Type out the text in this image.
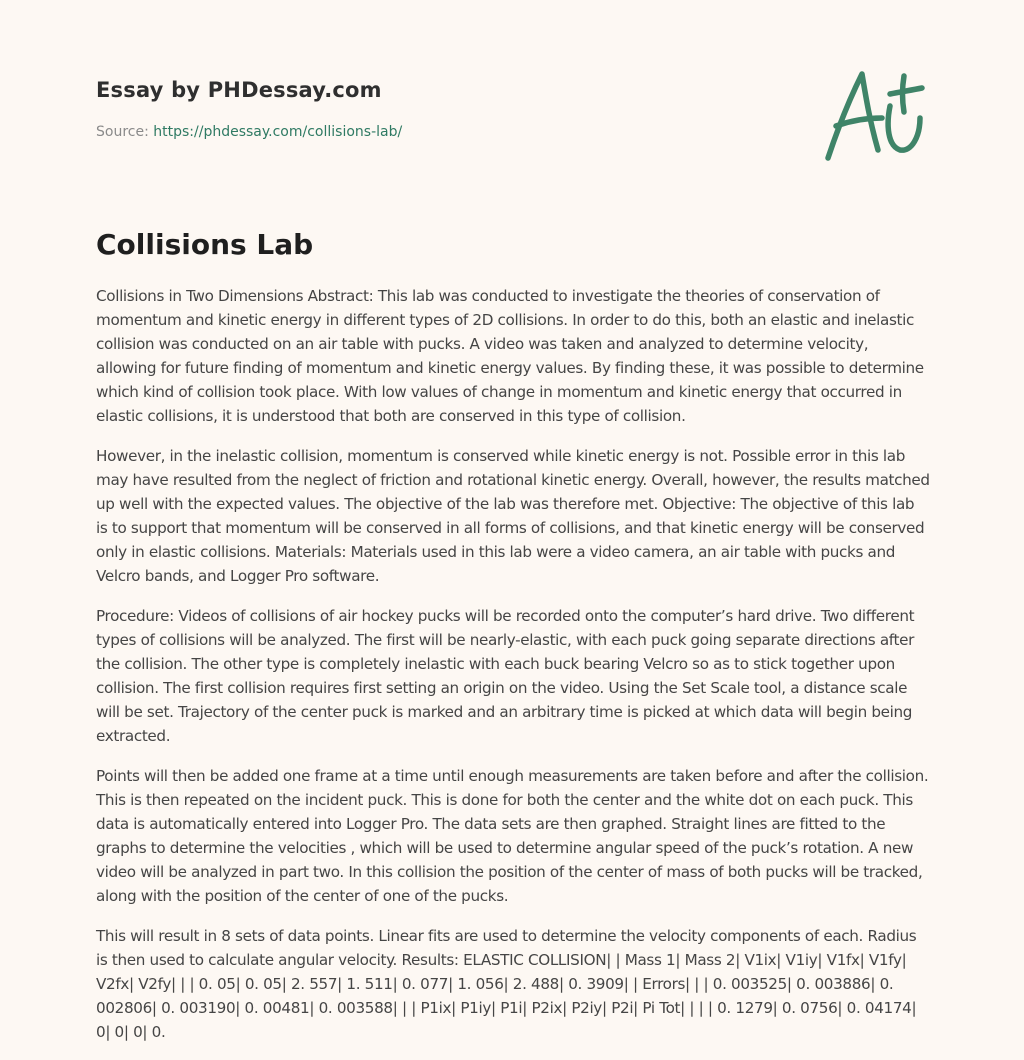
Essay by PHDessay.com
Source: https://phdessay.com/collisions-lab/
Collisions Lab

Collisions in Two Dimensions Abstract: This lab was conducted to investigate the theories of conservation of momentum and kinetic energy in different types of 2D collisions. In order to do this, both an elastic and inelastic collision was conducted on an air table with pucks. A video was taken and analyzed to determine velocity, allowing for future finding of momentum and kinetic energy values. By finding these, it was possible to determine which kind of collision took place. With low values of change in momentum and kinetic energy that occurred in elastic collisions, it is understood that both are conserved in this type of collision.

However, in the inelastic collision, momentum is conserved while kinetic energy is not. Possible error in this lab may have resulted from the neglect of friction and rotational kinetic energy. Overall, however, the results matched up well with the expected values. The objective of the lab was therefore met. Objective: The objective of this lab is to support that momentum will be conserved in all forms of collisions, and that kinetic energy will be conserved only in elastic collisions. Materials: Materials used in this lab were a video camera, an air table with pucks and Velcro bands, and Logger Pro software.

Procedure: Videos of collisions of air hockey pucks will be recorded onto the computer’s hard drive. Two different types of collisions will be analyzed. The first will be nearly-elastic, with each puck going separate directions after the collision. The other type is completely inelastic with each buck bearing Velcro so as to stick together upon collision. The first collision requires first setting an origin on the video. Using the Set Scale tool, a distance scale will be set. Trajectory of the center puck is marked and an arbitrary time is picked at which data will begin being extracted.

Points will then be added one frame at a time until enough measurements are taken before and after the collision. This is then repeated on the incident puck. This is done for both the center and the white dot on each puck. This data is automatically entered into Logger Pro. The data sets are then graphed. Straight lines are fitted to the graphs to determine the velocities , which will be used to determine angular speed of the puck’s rotation. A new video will be analyzed in part two. In this collision the position of the center of mass of both pucks will be tracked, along with the position of the center of one of the pucks.

This will result in 8 sets of data points. Linear fits are used to determine the velocity components of each. Radius is then used to calculate angular velocity. Results: ELASTIC COLLISION| | Mass 1| Mass 2| V1ix| V1iy| V1fx| V1fy| V2fx| V2fy| | | 0. 05| 0. 05| 2. 557| 1. 511| 0. 077| 1. 056| 2. 488| 0. 3909| | Errors| | | 0. 003525| 0. 003886| 0. 002806| 0. 003190| 0. 00481| 0. 003588| | | P1ix| P1iy| P1i| P2ix| P2iy| P2i| Pi Tot| | | | 0. 1279| 0. 0756| 0. 04174| 0| 0| 0| 0.
